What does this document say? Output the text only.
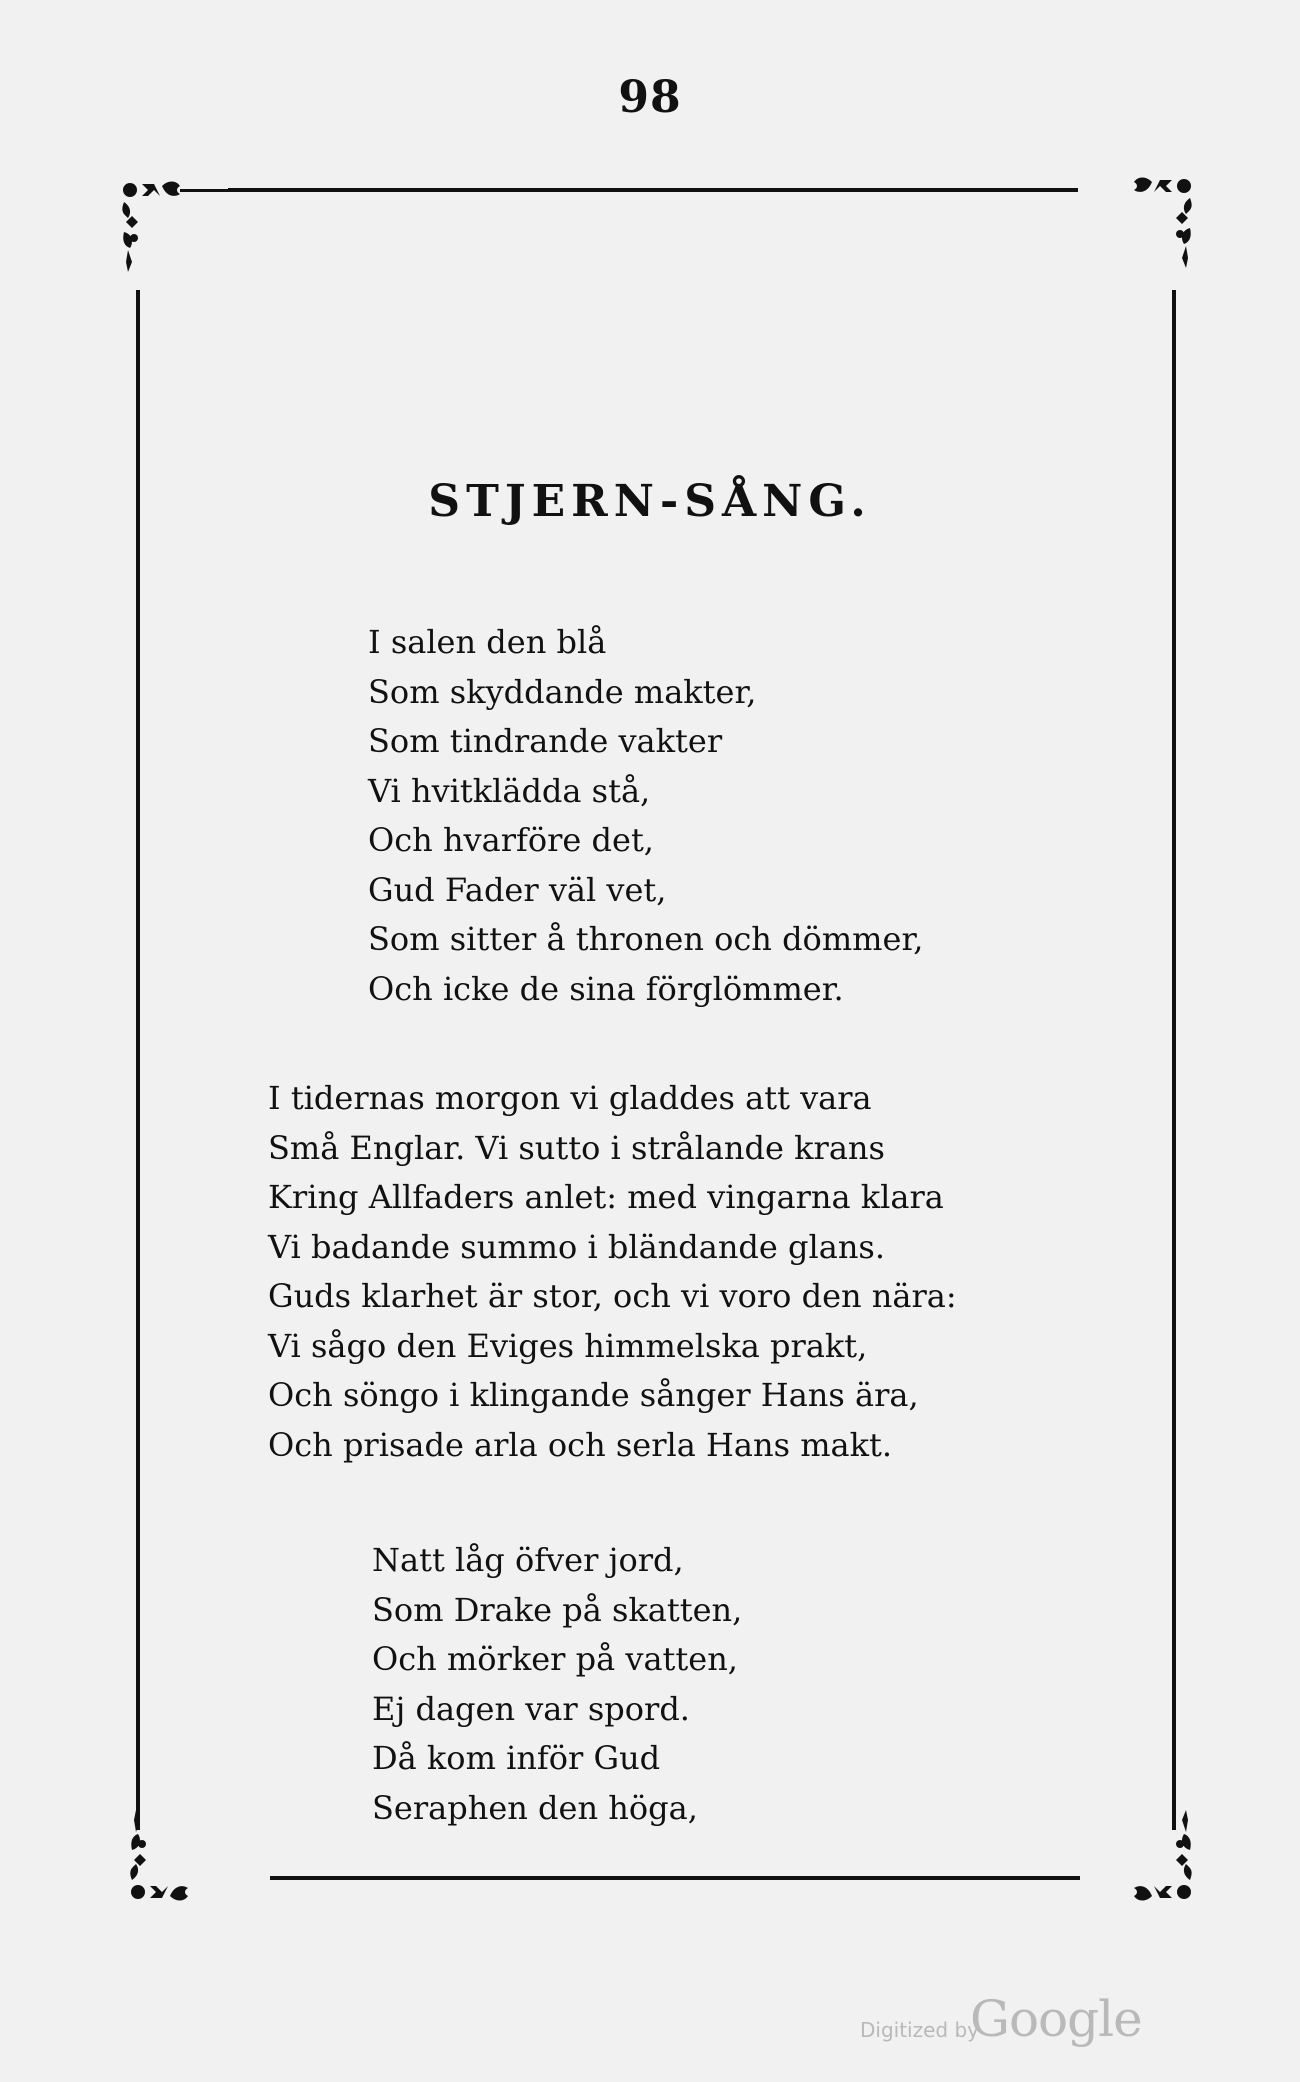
98
STJERN-SÅNG.

I salen den blå
Som skyddande makter,
Som tindrande vakter
Vi hvitklädda stå,
Och hvarföre det,
Gud Fader väl vet,
Som sitter å thronen och dömmer,
Och icke de sina förglömmer.

I tidernas morgon vi gladdes att vara
Små Englar. Vi sutto i strålande krans
Kring Allfaders anlet: med vingarna klara
Vi badande summo i bländande glans.
Guds klarhet är stor, och vi voro den nära:
Vi sågo den Eviges himmelska prakt,
Och söngo i klingande sånger Hans ära,
Och prisade arla och serla Hans makt.

Natt låg öfver jord,
Som Drake på skatten,
Och mörker på vatten,
Ej dagen var spord.
Då kom inför Gud
Seraphen den höga,

Digitized by
Google
